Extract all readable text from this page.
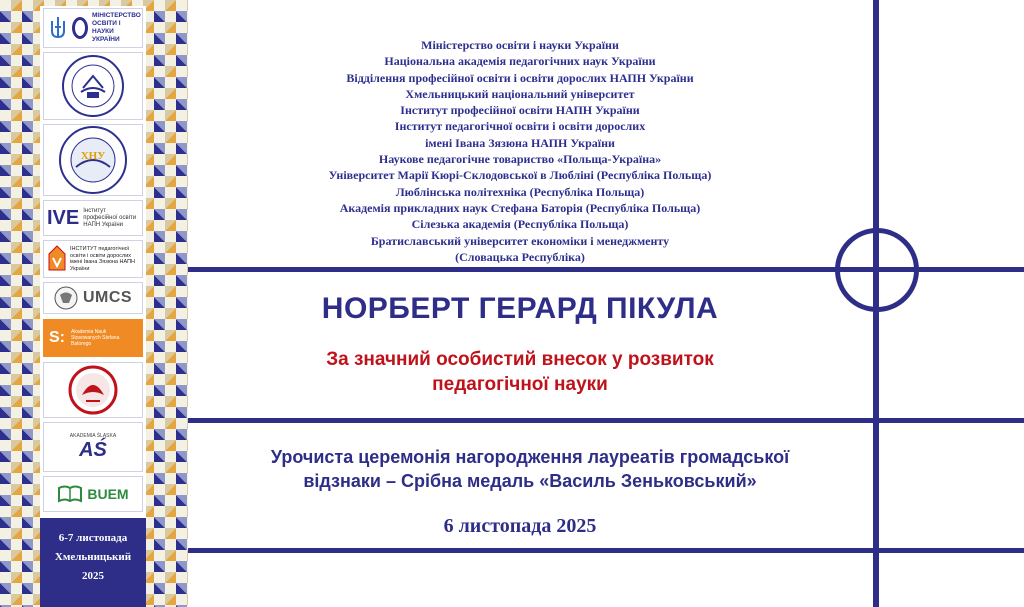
МІНІСТЕРСТВО ОСВІТИ І НАУКИ УКРАЇНИ
ХНУ
IVE Інститут професійної освіти НАПН України
ІНСТИТУТ педагогічної освіти і освіти дорослих імені Івана Зязюна НАПН України
UMCS
S: Akademia Nauk Stosowanych Stefana Batorego
AKADEMIA ŚLĄSKA
AŚ
BUEM
6-7 листопада
Хмельницький
2025
Міністерство освіти і науки України
Національна академія педагогічних наук України
Відділення професійної освіти і освіти дорослих НАПН України
Хмельницький національний університет
Інститут професійної освіти НАПН України
Інститут педагогічної освіти і освіти дорослих
імені Івана Зязюна НАПН України
Наукове педагогічне товариство «Польща-Україна»
Університет Марії Кюрі-Склодовської в Любліні (Республіка Польща)
Люблінська політехніка (Республіка Польща)
Академія прикладних наук Стефана Баторія (Республіка Польща)
Сілезька академія (Республіка Польща)
Братиславський університет економіки і менеджменту
(Словацька Республіка)
НОРБЕРТ ГЕРАРД ПІКУЛА
За значний особистий внесок у розвиток
педагогічної науки
Урочиста церемонія нагородження лауреатів громадської
відзнаки – Срібна медаль «Василь Зеньковський»
6 листопада 2025
